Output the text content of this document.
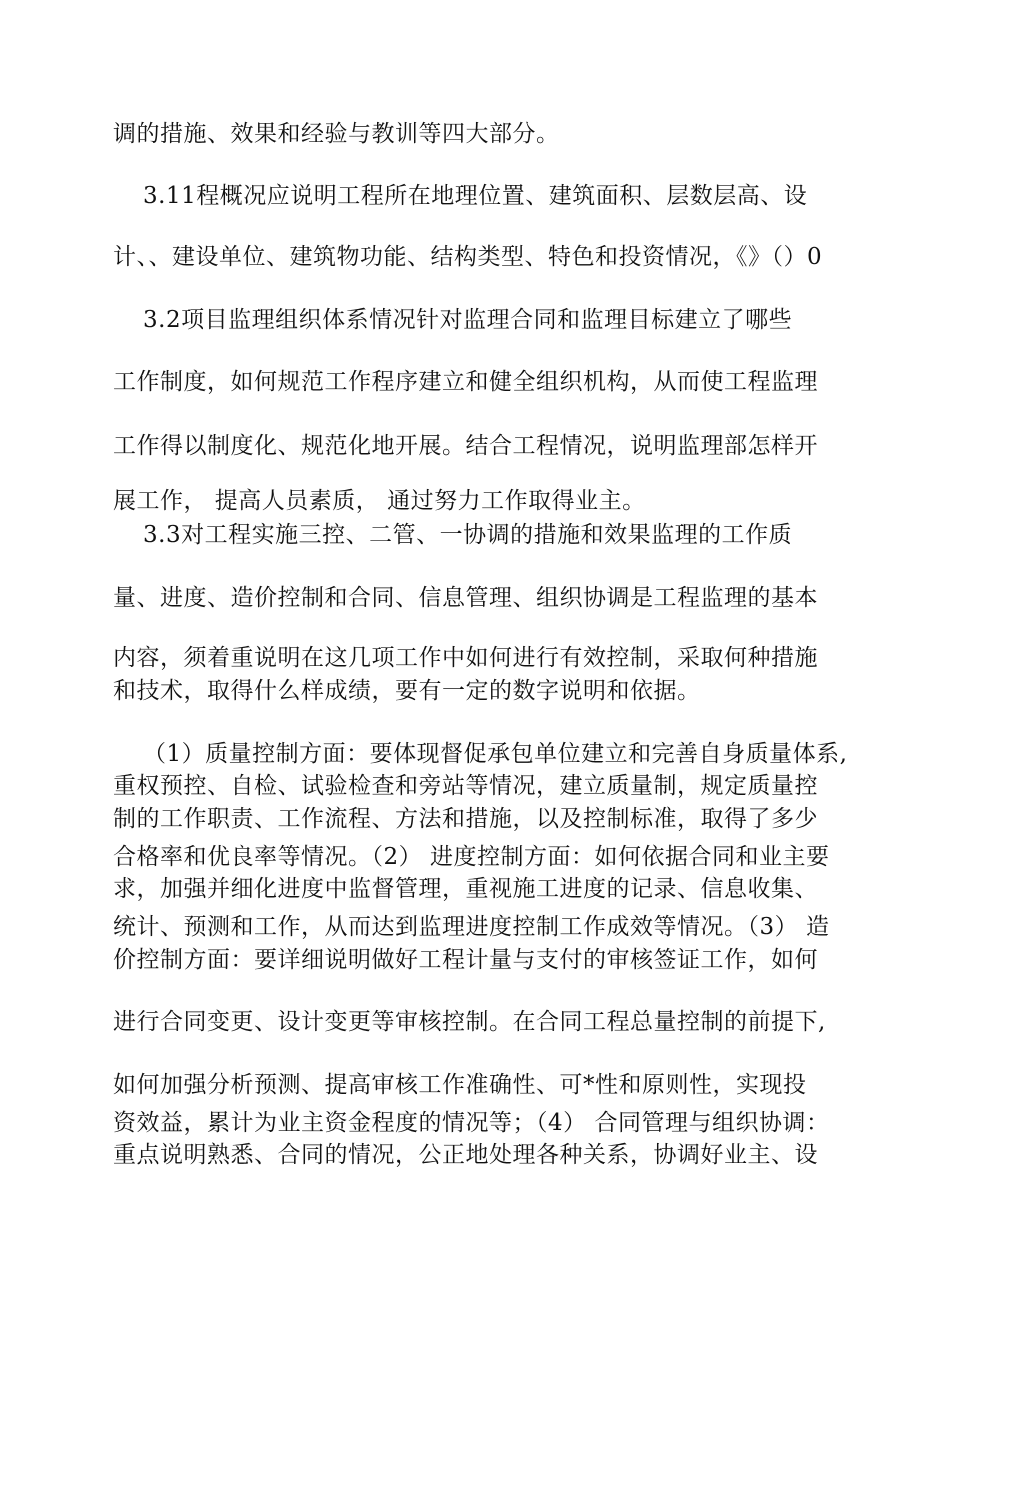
调的措施、效果和经验与教训等四大部分。
3.11程概况应说明工程所在地理位置、建筑面积、层数层高、设
计、、建设单位、建筑物功能、结构类型、特色和投资情况，《》（）0
3.2项目监理组织体系情况针对监理合同和监理目标建立了哪些
工作制度，如何规范工作程序建立和健全组织机构，从而使工程监理
工作得以制度化、规范化地开展。结合工程情况，说明监理部怎样开
展工作， 提高人员素质， 通过努力工作取得业主。
3.3对工程实施三控、二管、一协调的措施和效果监理的工作质
量、进度、造价控制和合同、信息管理、组织协调是工程监理的基本
内容，须着重说明在这几项工作中如何进行有效控制，采取何种措施
和技术，取得什么样成绩，要有一定的数字说明和依据。
（1）质量控制方面：要体现督促承包单位建立和完善自身质量体系,
重权预控、自检、试验检查和旁站等情况，建立质量制，规定质量控
制的工作职责、工作流程、方法和措施，以及控制标准，取得了多少
合格率和优良率等情况。（2） 进度控制方面：如何依据合同和业主要
求，加强并细化进度中监督管理，重视施工进度的记录、信息收集、
统计、预测和工作，从而达到监理进度控制工作成效等情况。（3） 造
价控制方面：要详细说明做好工程计量与支付的审核签证工作，如何
进行合同变更、设计变更等审核控制。在合同工程总量控制的前提下,
如何加强分析预测、提高审核工作准确性、可*性和原则性，实现投
资效益，累计为业主资金程度的情况等；（4） 合同管理与组织协调：
重点说明熟悉、合同的情况，公正地处理各种关系，协调好业主、设
